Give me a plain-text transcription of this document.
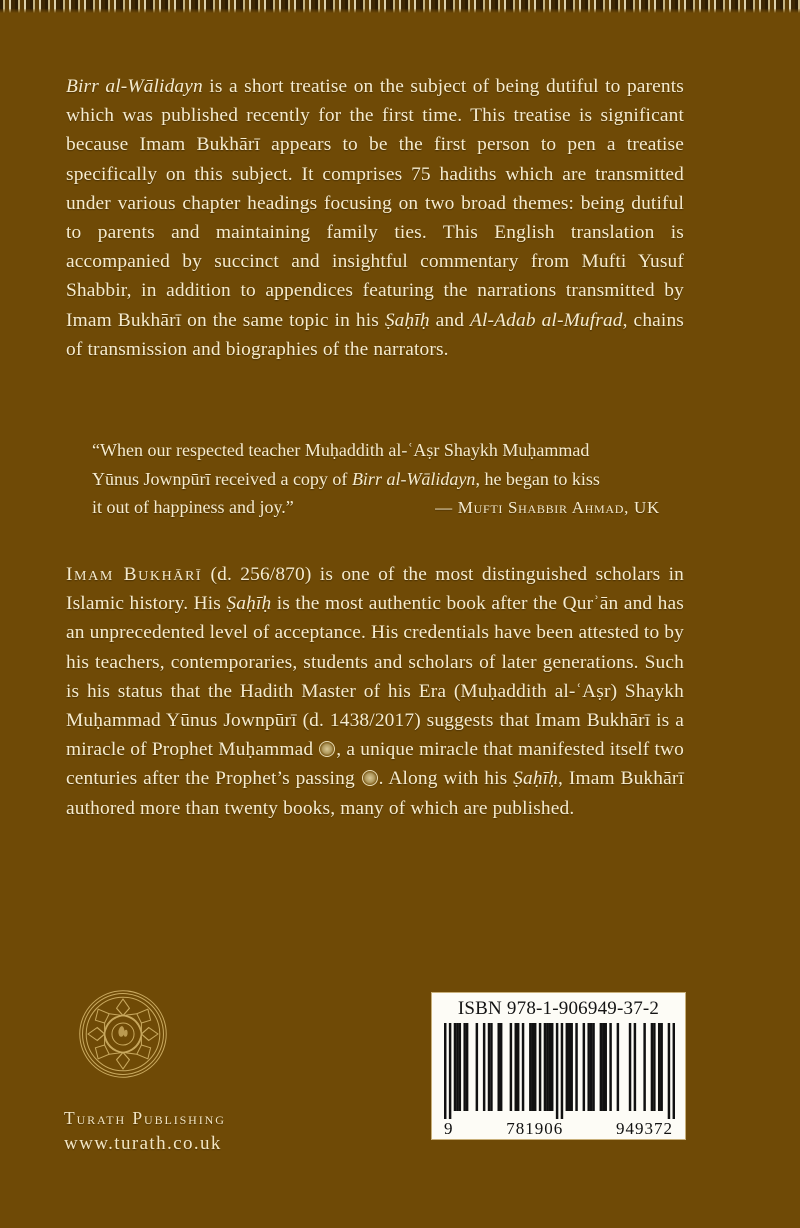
Birr al-Wālidayn is a short treatise on the subject of being dutiful to parents which was published recently for the first time. This treatise is significant because Imam Bukhārī appears to be the first person to pen a treatise specifically on this subject. It comprises 75 hadiths which are transmitted under various chapter headings focusing on two broad themes: being dutiful to parents and maintaining family ties. This English translation is accompanied by succinct and insightful commentary from Mufti Yusuf Shabbir, in addition to appendices featuring the narrations transmitted by Imam Bukhārī on the same topic in his Ṣaḥīḥ and Al-Adab al-Mufrad, chains of transmission and biographies of the narrators.
“When our respected teacher Muḥaddith al-ʿAṣr Shaykh Muḥammad
Yūnus Jownpūrī received a copy of Birr al-Wālidayn, he began to kiss
it out of happiness and joy.”	— Mufti Shabbir Ahmad, UK
Imam Bukhārī (d. 256/870) is one of the most distinguished scholars in Islamic history. His Ṣaḥīḥ is the most authentic book after the Qurʾān and has an unprecedented level of acceptance. His credentials have been attested to by his teachers, contemporaries, students and scholars of later generations. Such is his status that the Hadith Master of his Era (Muḥaddith al-ʿAṣr) Shaykh Muḥammad Yūnus Jownpūrī (d. 1438/2017) suggests that Imam Bukhārī is a miracle of Prophet Muḥammad , a unique miracle that manifested itself two centuries after the Prophet’s passing . Along with his Ṣaḥīḥ, Imam Bukhārī authored more than twenty books, many of which are published.
Turath Publishing
www.turath.co.uk
ISBN 978-1-906949-37-2
9	781906	949372
